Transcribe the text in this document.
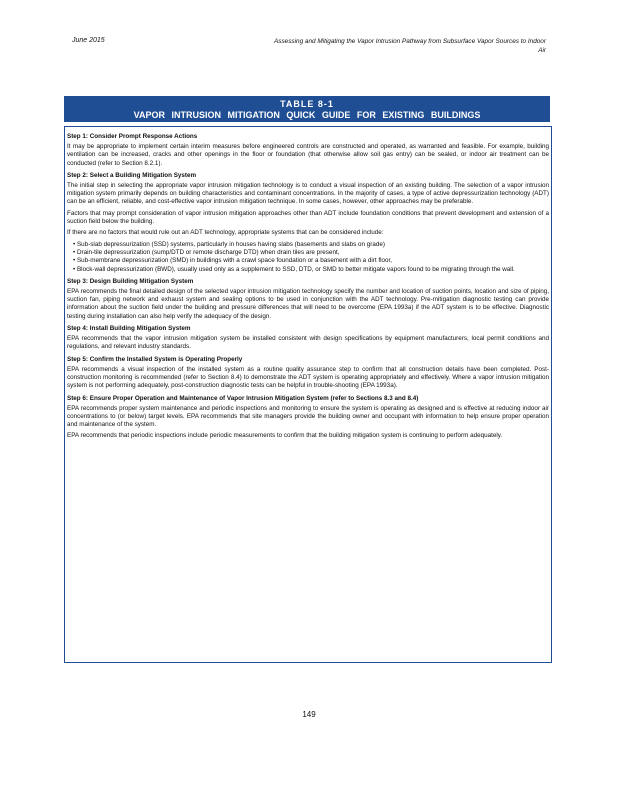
June 2015	Assessing and Mitigating the Vapor Intrusion Pathway from Subsurface Vapor Sources to Indoor Air
TABLE 8-1
VAPOR INTRUSION MITIGATION QUICK GUIDE FOR EXISTING BUILDINGS
Step 1: Consider Prompt Response Actions

It may be appropriate to implement certain interim measures before engineered controls are constructed and operated, as warranted and feasible. For example, building ventilation can be increased, cracks and other openings in the floor or foundation (that otherwise allow soil gas entry) can be sealed, or indoor air treatment can be conducted (refer to Section 8.2.1).

Step 2: Select a Building Mitigation System

The initial step in selecting the appropriate vapor intrusion mitigation technology is to conduct a visual inspection of an existing building. The selection of a vapor intrusion mitigation system primarily depends on building characteristics and contaminant concentrations. In the majority of cases, a type of active depressurization technology (ADT) can be an efficient, reliable, and cost-effective vapor intrusion mitigation technique. In some cases, however, other approaches may be preferable.

Factors that may prompt consideration of vapor intrusion mitigation approaches other than ADT include foundation conditions that prevent development and extension of a suction field below the building.

If there are no factors that would rule out an ADT technology, appropriate systems that can be considered include:

• Sub-slab depressurization (SSD) systems, particularly in houses having slabs (basements and slabs on grade)
• Drain-tile depressurization (sump/DTD or remote discharge DTD) when drain tiles are present,
• Sub-membrane depressurization (SMD) in buildings with a crawl space foundation or a basement with a dirt floor,
• Block-wall depressurization (BWD), usually used only as a supplement to SSD, DTD, or SMD to better mitigate vapors found to be migrating through the wall.
Step 3: Design Building Mitigation System

EPA recommends the final detailed design of the selected vapor intrusion mitigation technology specify the number and location of suction points, location and size of piping, suction fan, piping network and exhaust system and sealing options to be used in conjunction with the ADT technology. Pre-mitigation diagnostic testing can provide information about the suction field under the building and pressure differences that will need to be overcome (EPA 1993a) if the ADT system is to be effective. Diagnostic testing during installation can also help verify the adequacy of the design.

Step 4: Install Building Mitigation System

EPA recommends that the vapor intrusion mitigation system be installed consistent with design specifications by equipment manufacturers, local permit conditions and regulations, and relevant industry standards.

Step 5: Confirm the Installed System is Operating Properly

EPA recommends a visual inspection of the installed system as a routine quality assurance step to confirm that all construction details have been completed. Post-construction monitoring is recommended (refer to Section 8.4) to demonstrate the ADT system is operating appropriately and effectively. Where a vapor intrusion mitigation system is not performing adequately, post-construction diagnostic tests can be helpful in trouble-shooting (EPA 1993a).

Step 6: Ensure Proper Operation and Maintenance of Vapor Intrusion Mitigation System (refer to Sections 8.3 and 8.4)

EPA recommends proper system maintenance and periodic inspections and monitoring to ensure the system is operating as designed and is effective at reducing indoor air concentrations to (or below) target levels. EPA recommends that site managers provide the building owner and occupant with information to help ensure proper operation and maintenance of the system.

EPA recommends that periodic inspections include periodic measurements to confirm that the building mitigation system is continuing to perform adequately.

149
